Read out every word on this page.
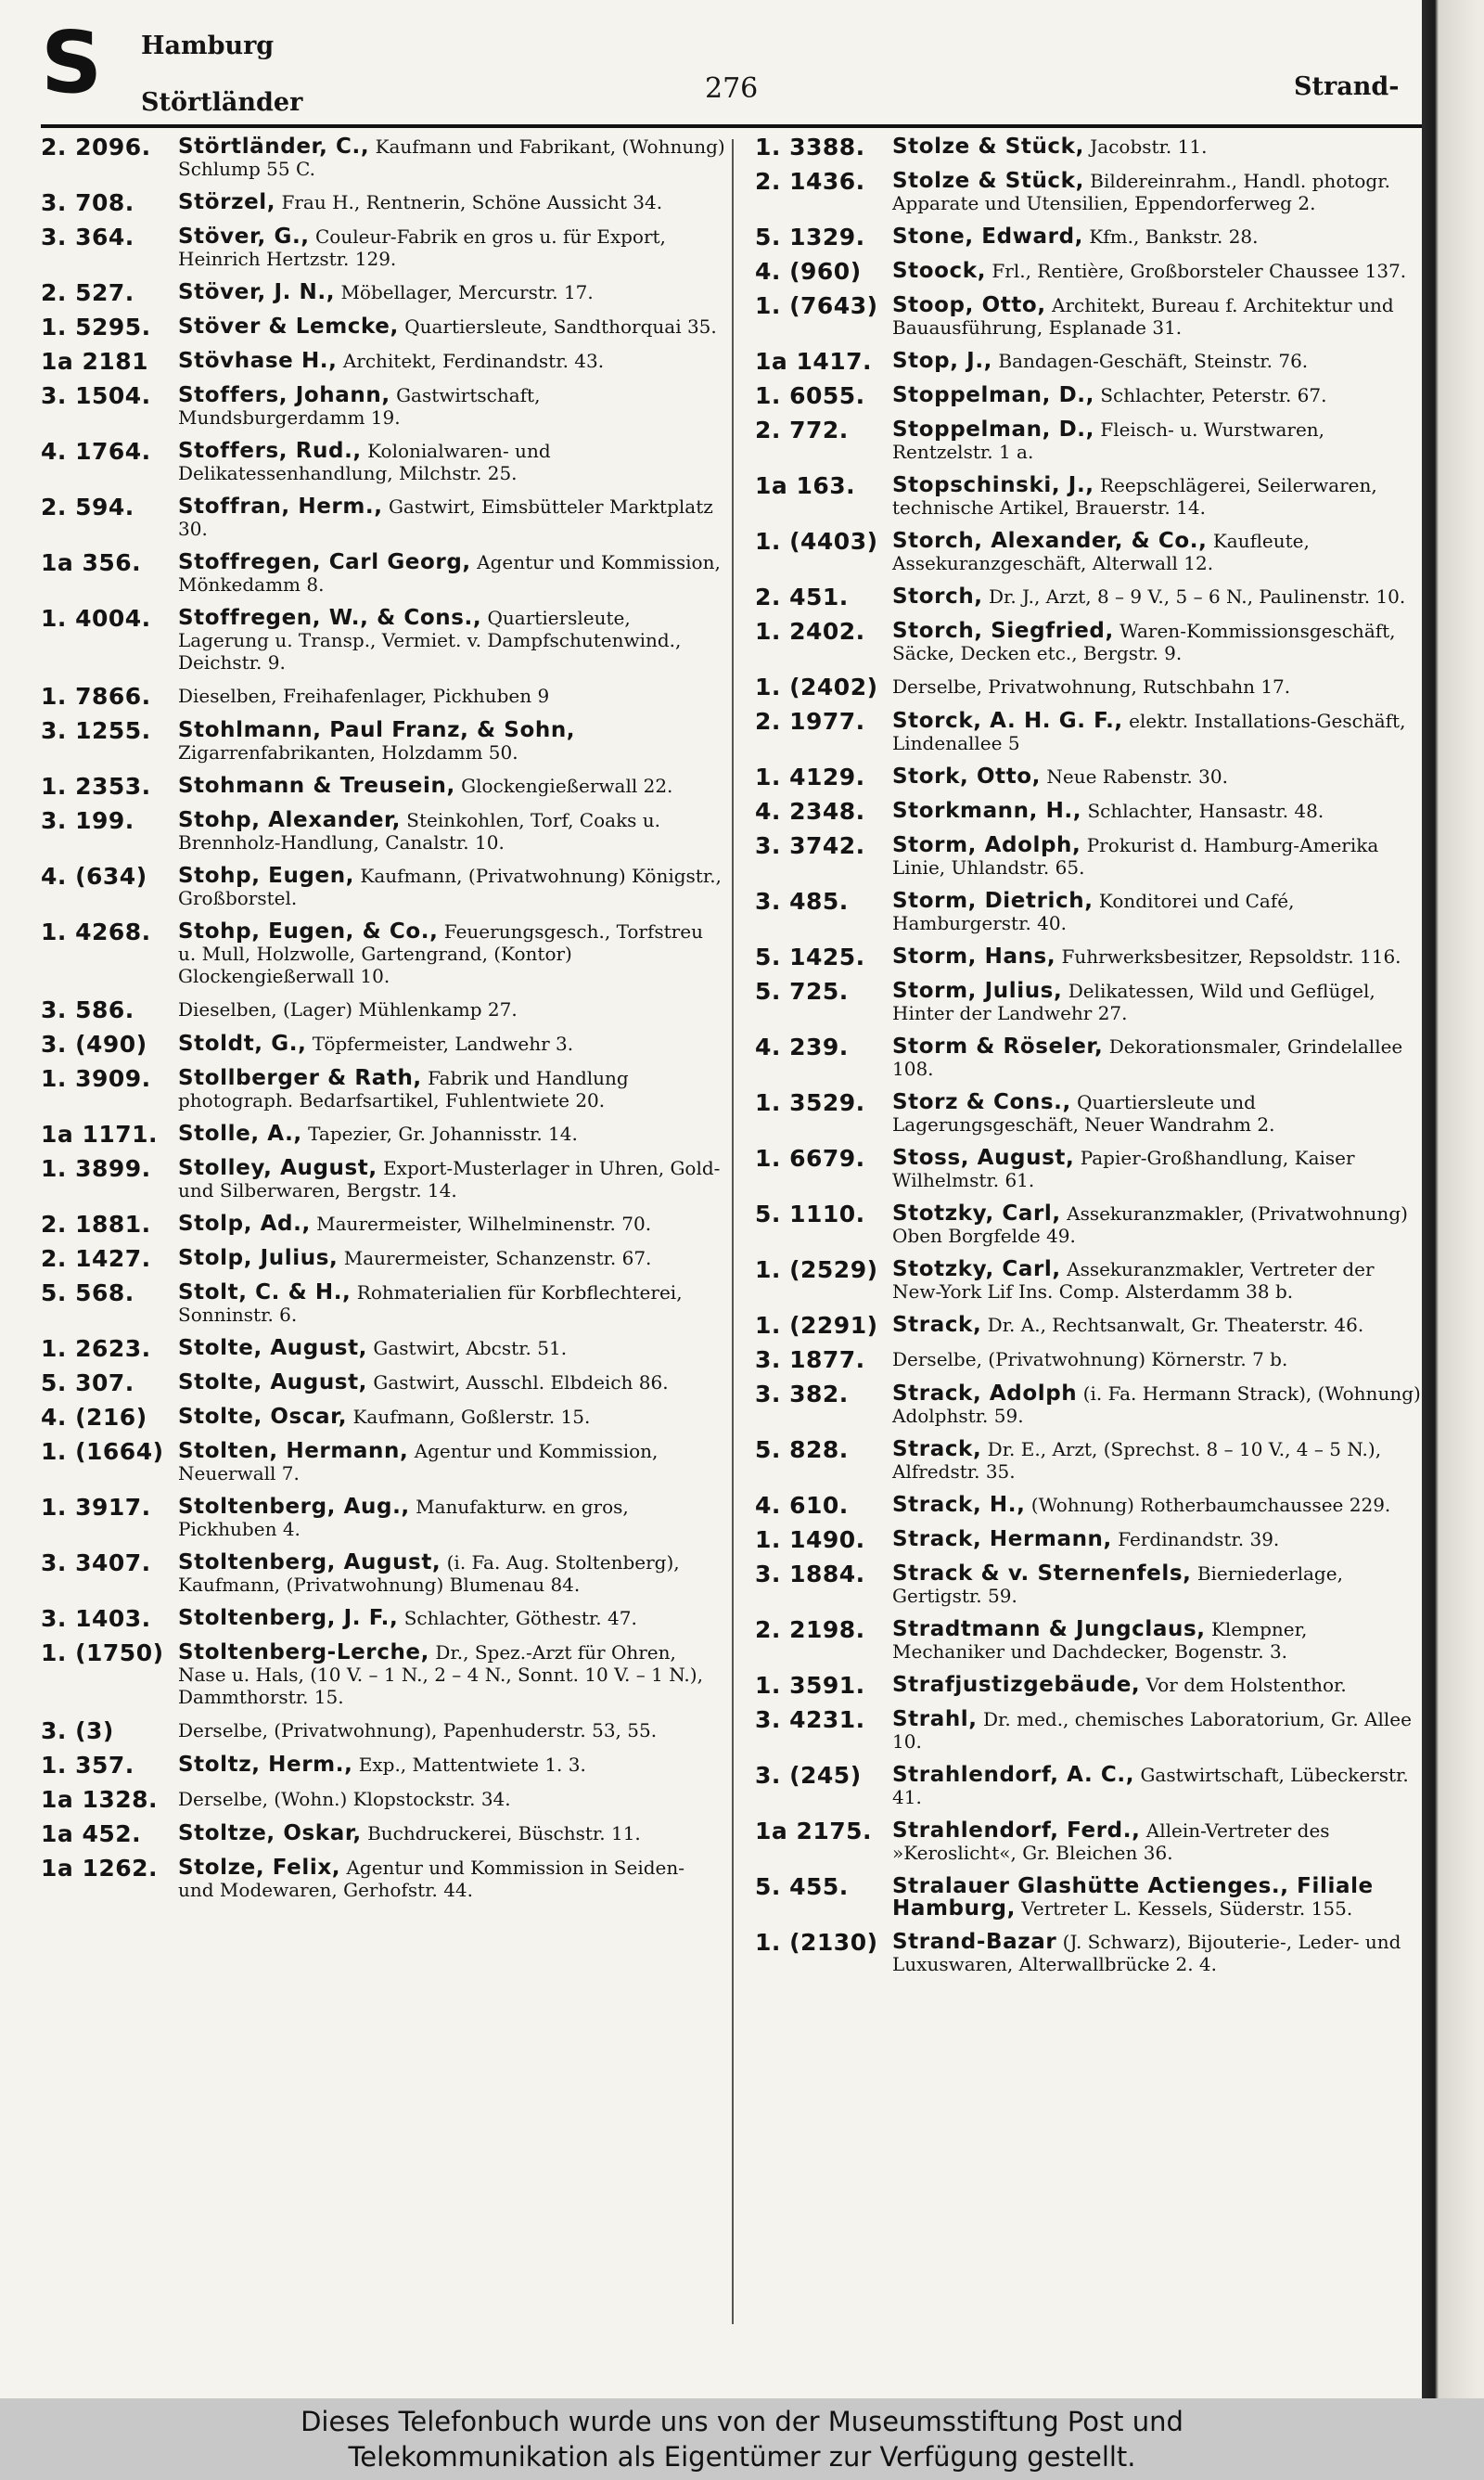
S Hamburg
Störtländer	276	Strand-
2. 2096.	Störtländer, C., Kaufmann und Fabrikant, (Wohnung) Schlump 55 C.
3. 708.	Störzel, Frau H., Rentnerin, Schöne Aussicht 34.
3. 364.	Stöver, G., Couleur-Fabrik en gros u. für Export, Heinrich Hertzstr. 129.
2. 527.	Stöver, J. N., Möbellager, Mercurstr. 17.
1. 5295.	Stöver & Lemcke, Quartiersleute, Sandthorquai 35.
1a 2181	Stövhase H., Architekt, Ferdinandstr. 43.
3. 1504.	Stoffers, Johann, Gastwirtschaft, Mundsburgerdamm 19.
4. 1764.	Stoffers, Rud., Kolonialwaren- und Delikatessenhandlung, Milchstr. 25.
2. 594.	Stoffran, Herm., Gastwirt, Eimsbütteler Marktplatz 30.
1a 356.	Stoffregen, Carl Georg, Agentur und Kommission, Mönkedamm 8.
1. 4004.	Stoffregen, W., & Cons., Quartiersleute, Lagerung u. Transp., Vermiet. v. Dampfschutenwind., Deichstr. 9.
1. 7866.	Dieselben, Freihafenlager, Pickhuben 9
3. 1255.	Stohlmann, Paul Franz, & Sohn, Zigarrenfabrikanten, Holzdamm 50.
1. 2353.	Stohmann & Treusein, Glockengießerwall 22.
3. 199.	Stohp, Alexander, Steinkohlen, Torf, Coaks u. Brennholz-Handlung, Canalstr. 10.
4. (634)	Stohp, Eugen, Kaufmann, (Privatwohnung) Königstr., Großborstel.
1. 4268.	Stohp, Eugen, & Co., Feuerungsgesch., Torfstreu u. Mull, Holzwolle, Gartengrand, (Kontor) Glockengießerwall 10.
3. 586.	Dieselben, (Lager) Mühlenkamp 27.
3. (490)	Stoldt, G., Töpfermeister, Landwehr 3.
1. 3909.	Stollberger & Rath, Fabrik und Handlung photograph. Bedarfsartikel, Fuhlentwiete 20.
1a 1171. Stolle, A., Tapezier, Gr. Johannisstr. 14.
1. 3899.	Stolley, August, Export-Musterlager in Uhren, Gold- und Silberwaren, Bergstr. 14.
2. 1881.	Stolp, Ad., Maurermeister, Wilhelminenstr. 70.
2. 1427.	Stolp, Julius, Maurermeister, Schanzenstr. 67.
5. 568.	Stolt, C. & H., Rohmaterialien für Korbflechterei, Sonninstr. 6.
1. 2623.	Stolte, August, Gastwirt, Abcstr. 51.
5. 307.	Stolte, August, Gastwirt, Ausschl. Elbdeich 86.
4. (216)	Stolte, Oscar, Kaufmann, Goßlerstr. 15.
1. (1664) Stolten, Hermann, Agentur und Kommission, Neuerwall 7.
1. 3917.	Stoltenberg, Aug., Manufakturw. en gros, Pickhuben 4.
3. 3407.	Stoltenberg, August, (i. Fa. Aug. Stoltenberg), Kaufmann, (Privatwohnung) Blumenau 84.
3. 1403.	Stoltenberg, J. F., Schlachter, Göthestr. 47.
1. (1750) Stoltenberg-Lerche, Dr., Spez.-Arzt für Ohren, Nase u. Hals, (10 V. – 1 N., 2 – 4 N., Sonnt. 10 V. – 1 N.), Dammthorstr. 15.
3. (3)	Derselbe, (Privatwohnung), Papenhuderstr. 53, 55.
1. 357.	Stoltz, Herm., Exp., Mattentwiete 1. 3.
1a 1328.	Derselbe, (Wohn.) Klopstockstr. 34.
1a 452.	Stoltze, Oskar, Buchdruckerei, Büschstr. 11.
1a 1262. Stolze, Felix, Agentur und Kommission in Seiden- und Modewaren, Gerhofstr. 44.
1. 3388.	Stolze & Stück, Jacobstr. 11.
2. 1436.	Stolze & Stück, Bildereinrahm., Handl. photogr. Apparate und Utensilien, Eppendorferweg 2.
5. 1329.	Stone, Edward, Kfm., Bankstr. 28.
4. (960)	Stoock, Frl., Rentière, Großborsteler Chaussee 137.
1. (7643) Stoop, Otto, Architekt, Bureau f. Architektur und Bauausführung, Esplanade 31.
1a 1417. Stop, J., Bandagen-Geschäft, Steinstr. 76.
1. 6055.	Stoppelman, D., Schlachter, Peterstr. 67.
2. 772.	Stoppelman, D., Fleisch- u. Wurstwaren, Rentzelstr. 1 a.
1a 163.	Stopschinski, J., Reepschlägerei, Seilerwaren, technische Artikel, Brauerstr. 14.
1. (4403) Storch, Alexander, & Co., Kaufleute, Assekuranzgeschäft, Alterwall 12.
2. 451.	Storch, Dr. J., Arzt, 8 – 9 V., 5 – 6 N., Paulinenstr. 10.
1. 2402.	Storch, Siegfried, Waren-Kommissionsgeschäft, Säcke, Decken etc., Bergstr. 9.
1. (2402) Derselbe, Privatwohnung, Rutschbahn 17.
2. 1977.	Storck, A. H. G. F., elektr. Installations-Geschäft, Lindenallee 5
1. 4129.	Stork, Otto, Neue Rabenstr. 30.
4. 2348.	Storkmann, H., Schlachter, Hansastr. 48.
3. 3742.	Storm, Adolph, Prokurist d. Hamburg-Amerika Linie, Uhlandstr. 65.
3. 485.	Storm, Dietrich, Konditorei und Café, Hamburgerstr. 40.
5. 1425.	Storm, Hans, Fuhrwerksbesitzer, Repsoldstr. 116.
5. 725.	Storm, Julius, Delikatessen, Wild und Geflügel, Hinter der Landwehr 27.
4. 239.	Storm & Röseler, Dekorationsmaler, Grindelallee 108.
1. 3529.	Storz & Cons., Quartiersleute und Lagerungsgeschäft, Neuer Wandrahm 2.
1. 6679.	Stoss, August, Papier-Großhandlung, Kaiser Wilhelmstr. 61.
5. 1110.	Stotzky, Carl, Assekuranzmakler, (Privatwohnung) Oben Borgfelde 49.
1. (2529) Stotzky, Carl, Assekuranzmakler, Vertreter der New-York Lif Ins. Comp. Alsterdamm 38 b.
1. (2291) Strack, Dr. A., Rechtsanwalt, Gr. Theaterstr. 46.
3. 1877.	Derselbe, (Privatwohnung) Körnerstr. 7 b.
3. 382.	Strack, Adolph (i. Fa. Hermann Strack), (Wohnung) Adolphstr. 59.
5. 828.	Strack, Dr. E., Arzt, (Sprechst. 8 – 10 V., 4 – 5 N.), Alfredstr. 35.
4. 610.	Strack, H., (Wohnung) Rotherbaumchaussee 229.
1. 1490.	Strack, Hermann, Ferdinandstr. 39.
3. 1884.	Strack & v. Sternenfels, Bierniederlage, Gertigstr. 59.
2. 2198.	Stradtmann & Jungclaus, Klempner, Mechaniker und Dachdecker, Bogenstr. 3.
1. 3591.	Strafjustizgebäude, Vor dem Holstenthor.
3. 4231.	Strahl, Dr. med., chemisches Laboratorium, Gr. Allee 10.
3. (245)	Strahlendorf, A. C., Gastwirtschaft, Lübeckerstr. 41.
1a 2175. Strahlendorf, Ferd., Allein-Vertreter des »Keroslicht«, Gr. Bleichen 36.
5. 455.	Stralauer Glashütte Actienges., Filiale Hamburg, Vertreter L. Kessels, Süderstr. 155.
1. (2130) Strand-Bazar (J. Schwarz), Bijouterie-, Leder- und Luxuswaren, Alterwallbrücke 2. 4.
Dieses Telefonbuch wurde uns von der Museumsstiftung Post und
Telekommunikation als Eigentümer zur Verfügung gestellt.
